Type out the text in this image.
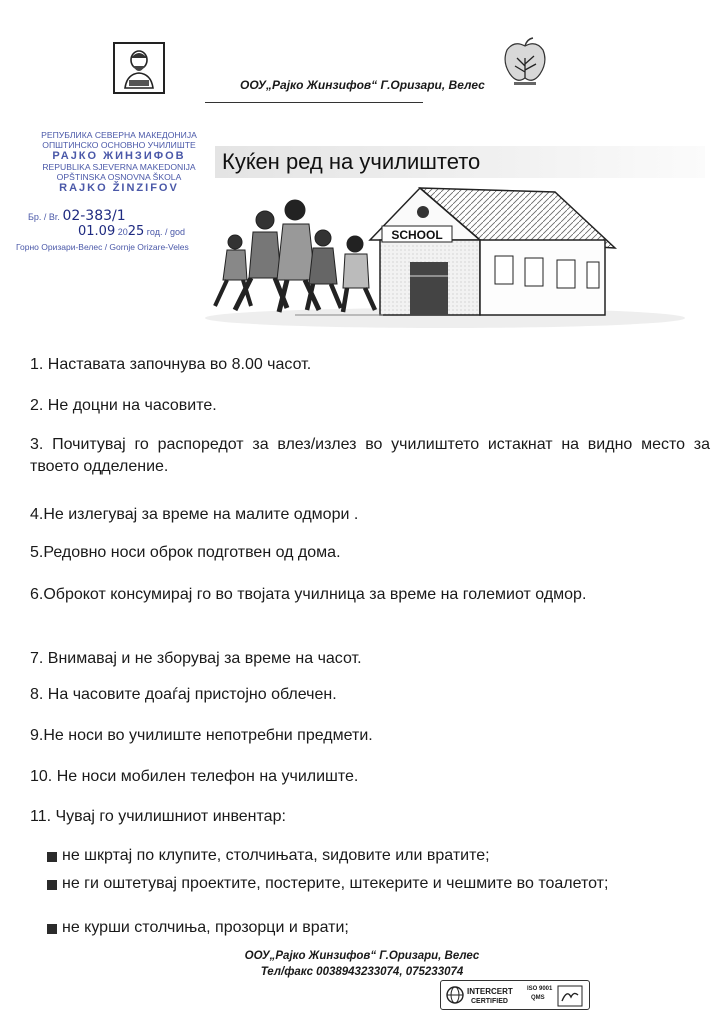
ООУ„Рајко Жинзифов“ Г.Оризари, Велес
РЕПУБЛИКА СЕВЕРНА МАКЕДОНИЈА
ОПШТИНСКО ОСНОВНО УЧИЛИШТЕ
РАЈКО ЖИНЗИФОВ
REPUBLIKA SJEVERNA MAKEDONIJA
OPŠTINSKA OSNOVNA ŠKOLA
RAJKO ŽINZIFOV
Бр. / Br. 02-383/1
01.09 2025 год. / god
Горно Оризари-Велес / Gornje Orizare-Veles
Куќен ред на училиштето
SCHOOL
1. Наставата започнува во 8.00 часот.
2. Не доцни на часовите.
3. Почитувај го распоредот за влез/излез во училиштето истакнат на видно место за твоето одделение.
4.Не излегувај за време на малите одмори .
5.Редовно носи оброк подготвен од дома.
6.Оброкот консумирај го во твојата училница за време на големиот одмор.
7. Внимавај и не зборувај за време на часот.
8. На часовите доаѓај пристојно облечен.
9.Не носи во училиште непотребни предмети.
10. Не носи мобилен телефон на училиште.
11. Чувај го училишниот инвентар:
не шкртај по клупите, столчињата, ѕидовите или вратите;
не ги оштетувај проектите, постерите, штекерите и чешмите во тоалетот;
не курши столчиња, прозорци и врати;
ООУ„Рајко Жинзифов“ Г.Оризари, Велес
Тел/факс 0038943233074, 075233074
INTERCERT
CERTIFIED
ISO 9001
QMS
